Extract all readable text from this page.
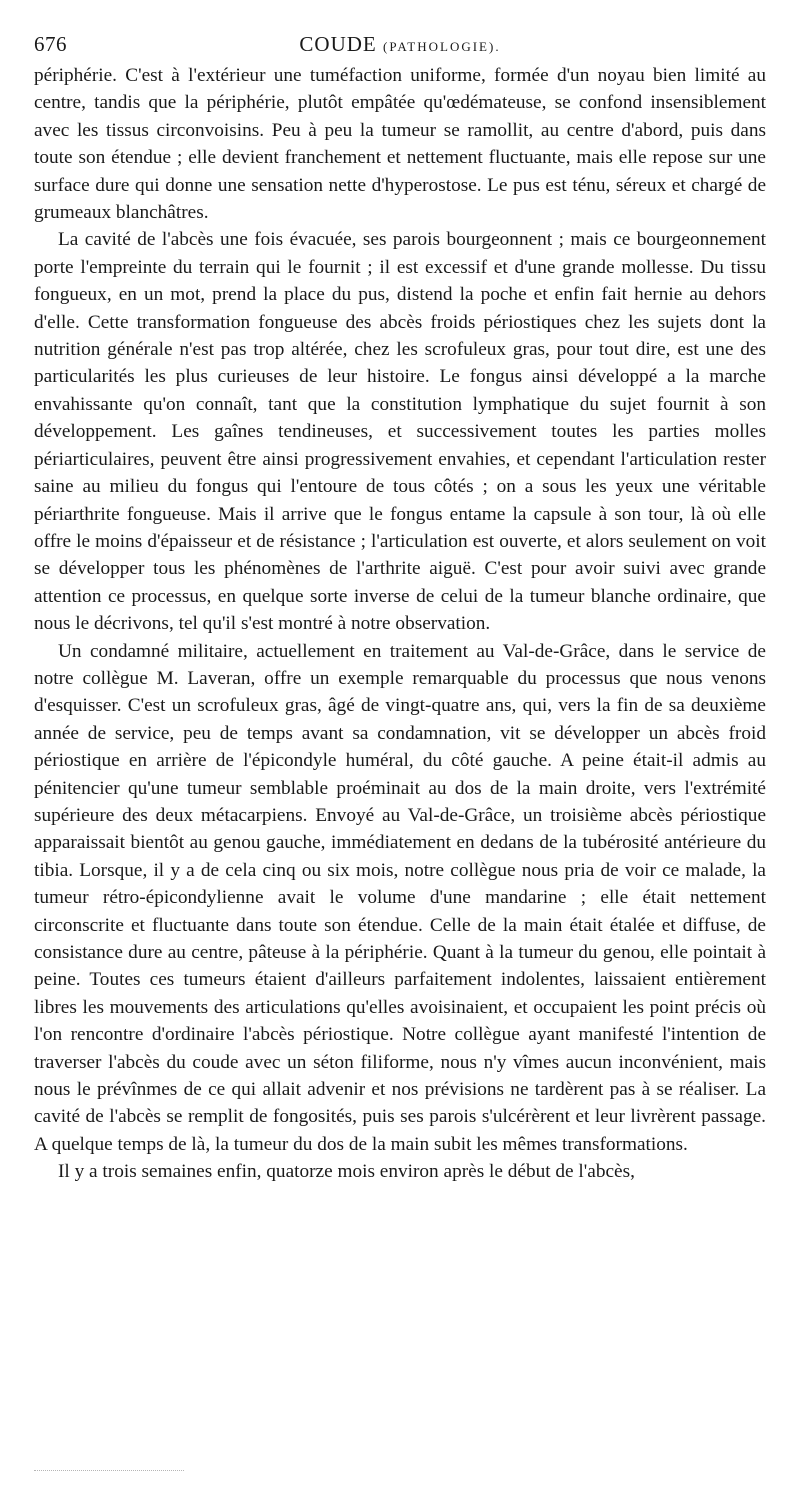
676	COUDE (PATHOLOGIE).

périphérie. C'est à l'extérieur une tuméfaction uniforme, formée d'un noyau bien limité au centre, tandis que la périphérie, plutôt empâtée qu'œdémateuse, se confond insensiblement avec les tissus circonvoisins. Peu à peu la tumeur se ramollit, au centre d'abord, puis dans toute son étendue ; elle devient franchement et nettement fluctuante, mais elle repose sur une surface dure qui donne une sensation nette d'hyperostose. Le pus est ténu, séreux et chargé de grumeaux blanchâtres.

La cavité de l'abcès une fois évacuée, ses parois bourgeonnent ; mais ce bourgeonnement porte l'empreinte du terrain qui le fournit ; il est excessif et d'une grande mollesse. Du tissu fongueux, en un mot, prend la place du pus, distend la poche et enfin fait hernie au dehors d'elle. Cette transformation fongueuse des abcès froids périostiques chez les sujets dont la nutrition générale n'est pas trop altérée, chez les scrofuleux gras, pour tout dire, est une des particularités les plus curieuses de leur histoire. Le fongus ainsi développé a la marche envahissante qu'on connaît, tant que la constitution lymphatique du sujet fournit à son développement. Les gaînes tendineuses, et successivement toutes les parties molles périarticulaires, peuvent être ainsi progressivement envahies, et cependant l'articulation rester saine au milieu du fongus qui l'entoure de tous côtés ; on a sous les yeux une véritable périarthrite fongueuse. Mais il arrive que le fongus entame la capsule à son tour, là où elle offre le moins d'épaisseur et de résistance ; l'articulation est ouverte, et alors seulement on voit se développer tous les phénomènes de l'arthrite aiguë. C'est pour avoir suivi avec grande attention ce processus, en quelque sorte inverse de celui de la tumeur blanche ordinaire, que nous le décrivons, tel qu'il s'est montré à notre observation.

Un condamné militaire, actuellement en traitement au Val-de-Grâce, dans le service de notre collègue M. Laveran, offre un exemple remarquable du processus que nous venons d'esquisser. C'est un scrofuleux gras, âgé de vingt-quatre ans, qui, vers la fin de sa deuxième année de service, peu de temps avant sa condamnation, vit se développer un abcès froid périostique en arrière de l'épicondyle huméral, du côté gauche. A peine était-il admis au pénitencier qu'une tumeur semblable proéminait au dos de la main droite, vers l'extrémité supérieure des deux métacarpiens. Envoyé au Val-de-Grâce, un troisième abcès périostique apparaissait bientôt au genou gauche, immédiatement en dedans de la tubérosité antérieure du tibia. Lorsque, il y a de cela cinq ou six mois, notre collègue nous pria de voir ce malade, la tumeur rétro-épicondylienne avait le volume d'une mandarine ; elle était nettement circonscrite et fluctuante dans toute son étendue. Celle de la main était étalée et diffuse, de consistance dure au centre, pâteuse à la périphérie. Quant à la tumeur du genou, elle pointait à peine. Toutes ces tumeurs étaient d'ailleurs parfaitement indolentes, laissaient entièrement libres les mouvements des articulations qu'elles avoisinaient, et occupaient les point précis où l'on rencontre d'ordinaire l'abcès périostique. Notre collègue ayant manifesté l'intention de traverser l'abcès du coude avec un séton filiforme, nous n'y vîmes aucun inconvénient, mais nous le prévînmes de ce qui allait advenir et nos prévisions ne tardèrent pas à se réaliser. La cavité de l'abcès se remplit de fongosités, puis ses parois s'ulcérèrent et leur livrèrent passage. A quelque temps de là, la tumeur du dos de la main subit les mêmes transformations.

Il y a trois semaines enfin, quatorze mois environ après le début de l'abcès,
